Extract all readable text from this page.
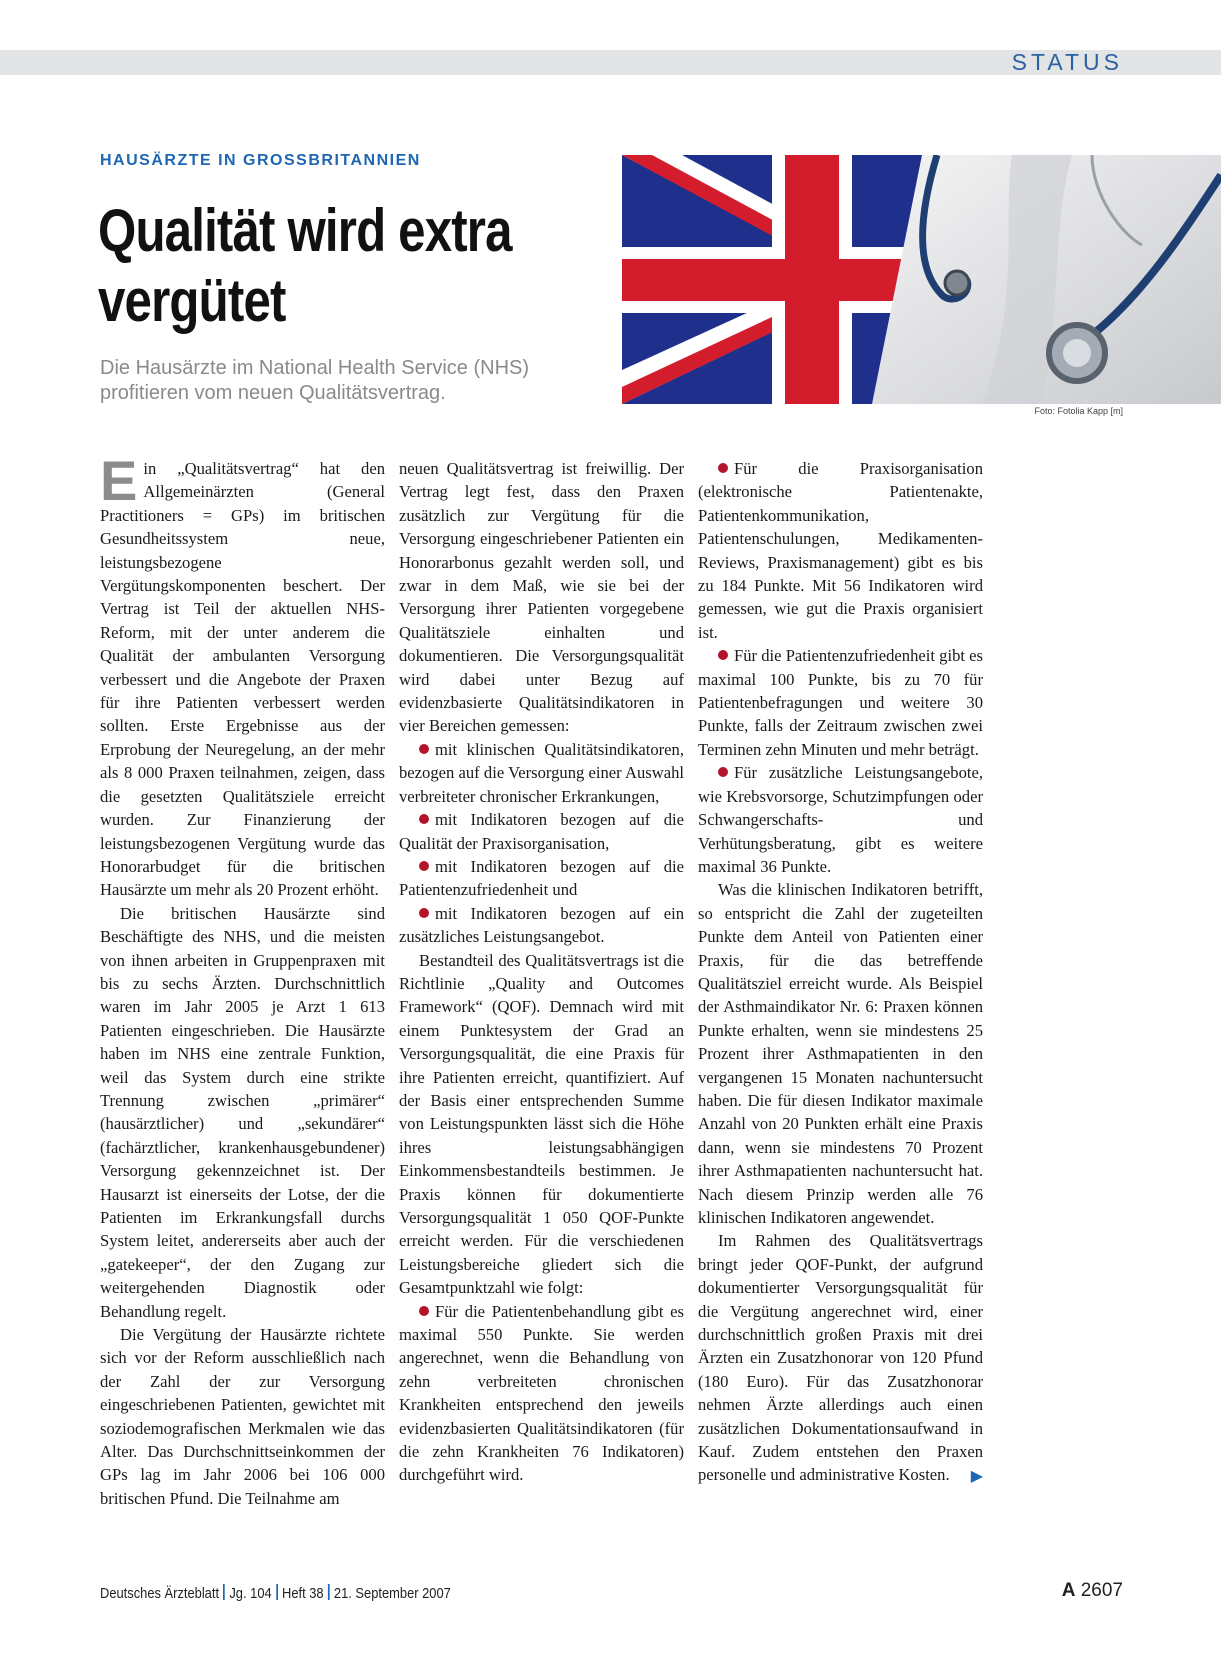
STATUS
HAUSÄRZTE IN GROSSBRITANNIEN
Qualität wird extra vergütet
Die Hausärzte im National Health Service (NHS) profitieren vom neuen Qualitätsvertrag.
Foto: Fotolia Kapp [m]

Ein „Qualitätsvertrag“ hat den Allgemeinärzten (General Practitioners = GPs) im britischen Gesundheitssystem neue, leistungsbezogene Vergütungskomponenten beschert. Der Vertrag ist Teil der aktuellen NHS-Reform, mit der unter anderem die Qualität der ambulanten Versorgung verbessert und die Angebote der Praxen für ihre Patienten verbessert werden sollten. Erste Ergebnisse aus der Erprobung der Neuregelung, an der mehr als 8 000 Praxen teilnahmen, zeigen, dass die gesetzten Qualitätsziele erreicht wurden. Zur Finanzierung der leistungsbezogenen Vergütung wurde das Honorarbudget für die britischen Hausärzte um mehr als 20 Prozent erhöht.

Die britischen Hausärzte sind Beschäftigte des NHS, und die meisten von ihnen arbeiten in Gruppenpraxen mit bis zu sechs Ärzten. Durchschnittlich waren im Jahr 2005 je Arzt 1 613 Patienten eingeschrieben. Die Hausärzte haben im NHS eine zentrale Funktion, weil das System durch eine strikte Trennung zwischen „primärer“ (hausärztlicher) und „sekundärer“ (fachärztlicher, krankenhausgebundener) Versorgung gekennzeichnet ist. Der Hausarzt ist einerseits der Lotse, der die Patienten im Erkrankungsfall durchs System leitet, andererseits aber auch der „gatekeeper“, der den Zugang zur weitergehenden Diagnostik oder Behandlung regelt.

Die Vergütung der Hausärzte richtete sich vor der Reform ausschließlich nach der Zahl der zur Versorgung eingeschriebenen Patienten, gewichtet mit soziodemografischen Merkmalen wie das Alter. Das Durchschnittseinkommen der GPs lag im Jahr 2006 bei 106 000 britischen Pfund. Die Teilnahme am

neuen Qualitätsvertrag ist freiwillig. Der Vertrag legt fest, dass den Praxen zusätzlich zur Vergütung für die Versorgung eingeschriebener Patienten ein Honorarbonus gezahlt werden soll, und zwar in dem Maß, wie sie bei der Versorgung ihrer Patienten vorgegebene Qualitätsziele einhalten und dokumentieren. Die Versorgungsqualität wird dabei unter Bezug auf evidenzbasierte Qualitätsindikatoren in vier Bereichen gemessen:

mit klinischen Qualitätsindikatoren, bezogen auf die Versorgung einer Auswahl verbreiteter chronischer Erkrankungen,

mit Indikatoren bezogen auf die Qualität der Praxisorganisation,

mit Indikatoren bezogen auf die Patientenzufriedenheit und

mit Indikatoren bezogen auf ein zusätzliches Leistungsangebot.

Bestandteil des Qualitätsvertrags ist die Richtlinie „Quality and Outcomes Framework“ (QOF). Demnach wird mit einem Punktesystem der Grad an Versorgungsqualität, die eine Praxis für ihre Patienten erreicht, quantifiziert. Auf der Basis einer entsprechenden Summe von Leistungspunkten lässt sich die Höhe ihres leistungsabhängigen Einkommensbestandteils bestimmen. Je Praxis können für dokumentierte Versorgungsqualität 1 050 QOF-Punkte erreicht werden. Für die verschiedenen Leistungsbereiche gliedert sich die Gesamtpunktzahl wie folgt:

Für die Patientenbehandlung gibt es maximal 550 Punkte. Sie werden angerechnet, wenn die Behandlung von zehn verbreiteten chronischen Krankheiten entsprechend den jeweils evidenzbasierten Qualitätsindikatoren (für die zehn Krankheiten 76 Indikatoren) durchgeführt wird.

Für die Praxisorganisation (elektronische Patientenakte, Patientenkommunikation, Patientenschulungen, Medikamenten-Reviews, Praxismanagement) gibt es bis zu 184 Punkte. Mit 56 Indikatoren wird gemessen, wie gut die Praxis organisiert ist.

Für die Patientenzufriedenheit gibt es maximal 100 Punkte, bis zu 70 für Patientenbefragungen und weitere 30 Punkte, falls der Zeitraum zwischen zwei Terminen zehn Minuten und mehr beträgt.

Für zusätzliche Leistungsangebote, wie Krebsvorsorge, Schutzimpfungen oder Schwangerschafts- und Verhütungsberatung, gibt es weitere maximal 36 Punkte.

Was die klinischen Indikatoren betrifft, so entspricht die Zahl der zugeteilten Punkte dem Anteil von Patienten einer Praxis, für die das betreffende Qualitätsziel erreicht wurde. Als Beispiel der Asthmaindikator Nr. 6: Praxen können Punkte erhalten, wenn sie mindestens 25 Prozent ihrer Asthmapatienten in den vergangenen 15 Monaten nachuntersucht haben. Die für diesen Indikator maximale Anzahl von 20 Punkten erhält eine Praxis dann, wenn sie mindestens 70 Prozent ihrer Asthmapatienten nachuntersucht hat. Nach diesem Prinzip werden alle 76 klinischen Indikatoren angewendet.

Im Rahmen des Qualitätsvertrags bringt jeder QOF-Punkt, der aufgrund dokumentierter Versorgungsqualität für die Vergütung angerechnet wird, einer durchschnittlich großen Praxis mit drei Ärzten ein Zusatzhonorar von 120 Pfund (180 Euro). Für das Zusatzhonorar nehmen Ärzte allerdings auch einen zusätzlichen Dokumentationsaufwand in Kauf. Zudem entstehen den Praxen personelle und administrative Kosten.	▶

Deutsches Ärzteblatt Jg. 104 Heft 38 21. September 2007	A 2607
